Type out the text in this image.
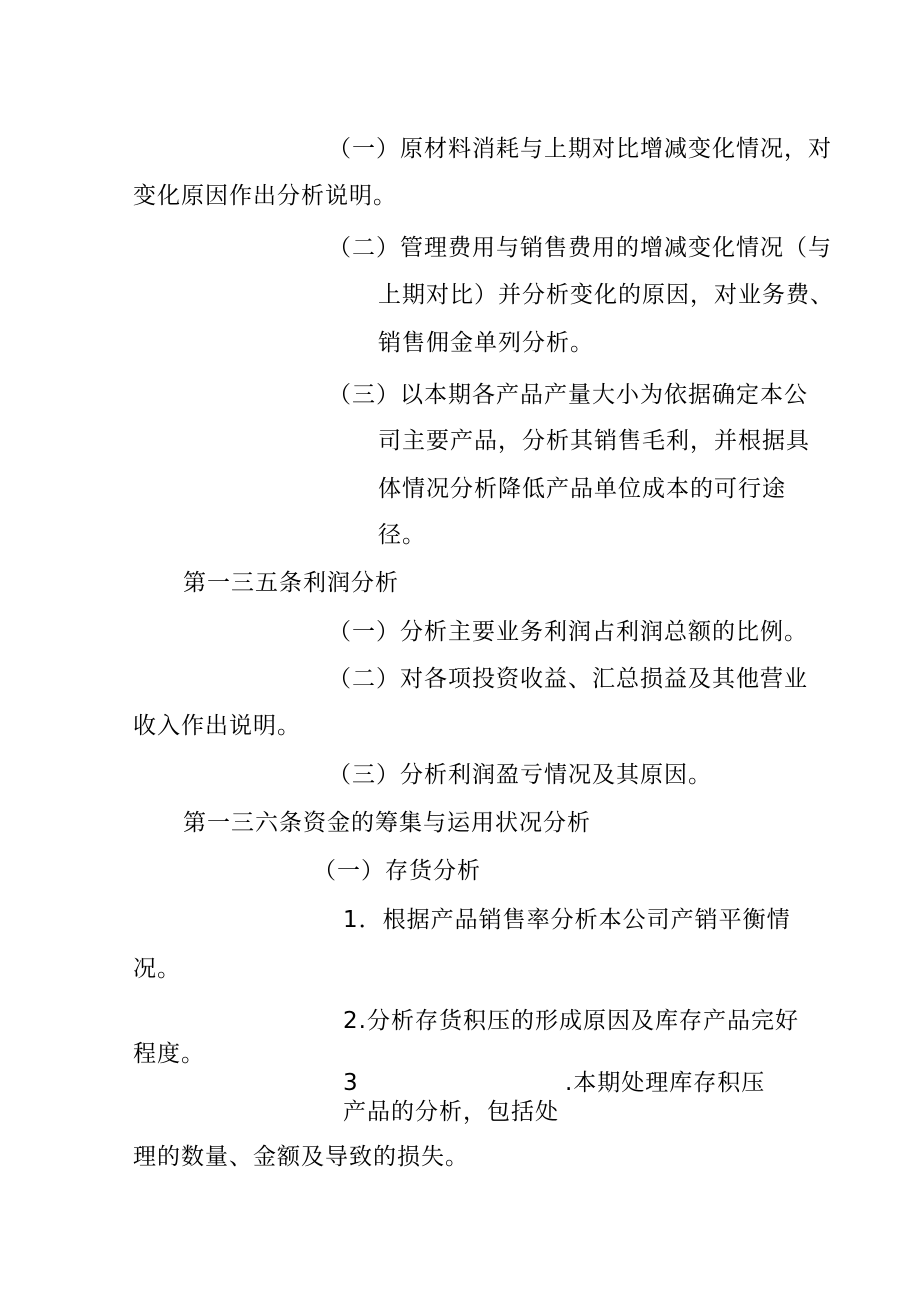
（一）原材料消耗与上期对比增减变化情况，对
变化原因作出分析说明。
（二）管理费用与销售费用的增减变化情况（与
上期对比）并分析变化的原因，对业务费、
销售佣金单列分析。
（三）以本期各产品产量大小为依据确定本公
司主要产品，分析其销售毛利，并根据具
体情况分析降低产品单位成本的可行途
径。
第一三五条利润分析
（一）分析主要业务利润占利润总额的比例。
（二）对各项投资收益、汇总损益及其他营业
收入作出说明。
（三）分析利润盈亏情况及其原因。
第一三六条资金的筹集与运用状况分析
（一）存货分析
1．根据产品销售率分析本公司产销平衡情
况。
2.分析存货积压的形成原因及库存产品完好
程度。
3	.本期处理库存积压
产品的分析，包括处
理的数量、金额及导致的损失。
